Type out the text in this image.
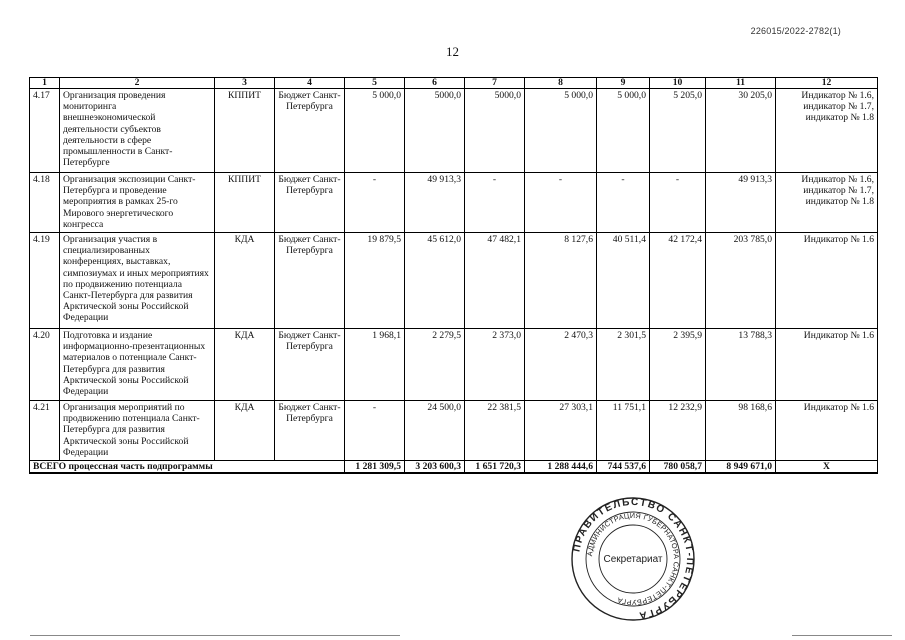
226015/2022-2782(1)
12
1	2	3	4	5	6	7	8	9	10	11	12
4.17	Организация проведения мониторинга внешнеэкономической деятельности субъектов деятельности в сфере промышленности в Санкт-Петербурге	КППИТ	Бюджет Санкт-Петербурга	5 000,0	5000,0	5000,0	5 000,0	5 000,0	5 205,0	30 205,0	Индикатор № 1.6, индикатор № 1.7, индикатор № 1.8
4.18	Организация экспозиции Санкт-Петербурга и проведение мероприятия в рамках 25-го Мирового энергетического конгресса	КППИТ	Бюджет Санкт-Петербурга	-	49 913,3	-	-	-	-	49 913,3	Индикатор № 1.6, индикатор № 1.7, индикатор № 1.8
4.19	Организация участия в специализированных конференциях, выставках, симпозиумах и иных мероприятиях по продвижению потенциала Санкт-Петербурга для развития Арктической зоны Российской Федерации	КДА	Бюджет Санкт-Петербурга	19 879,5	45 612,0	47 482,1	8 127,6	40 511,4	42 172,4	203 785,0	Индикатор № 1.6
4.20	Подготовка и издание информационно-презентационных материалов о потенциале Санкт-Петербурга для развития Арктической зоны Российской Федерации	КДА	Бюджет Санкт-Петербурга	1 968,1	2 279,5	2 373,0	2 470,3	2 301,5	2 395,9	13 788,3	Индикатор № 1.6
4.21	Организация мероприятий по продвижению потенциала Санкт-Петербурга для развития Арктической зоны Российской Федерации	КДА	Бюджет Санкт-Петербурга	-	24 500,0	22 381,5	27 303,1	11 751,1	12 232,9	98 168,6	Индикатор № 1.6
ВСЕГО процессная часть подпрограммы				1 281 309,5	3 203 600,3	1 651 720,3	1 288 444,6	744 537,6	780 058,7	8 949 671,0	X
ПРАВИТЕЛЬСТВО САНКТ-ПЕТЕРБУРГА
АДМИНИСТРАЦИЯ ГУБЕРНАТОРА САНКТ-ПЕТЕРБУРГА
Секретариат
